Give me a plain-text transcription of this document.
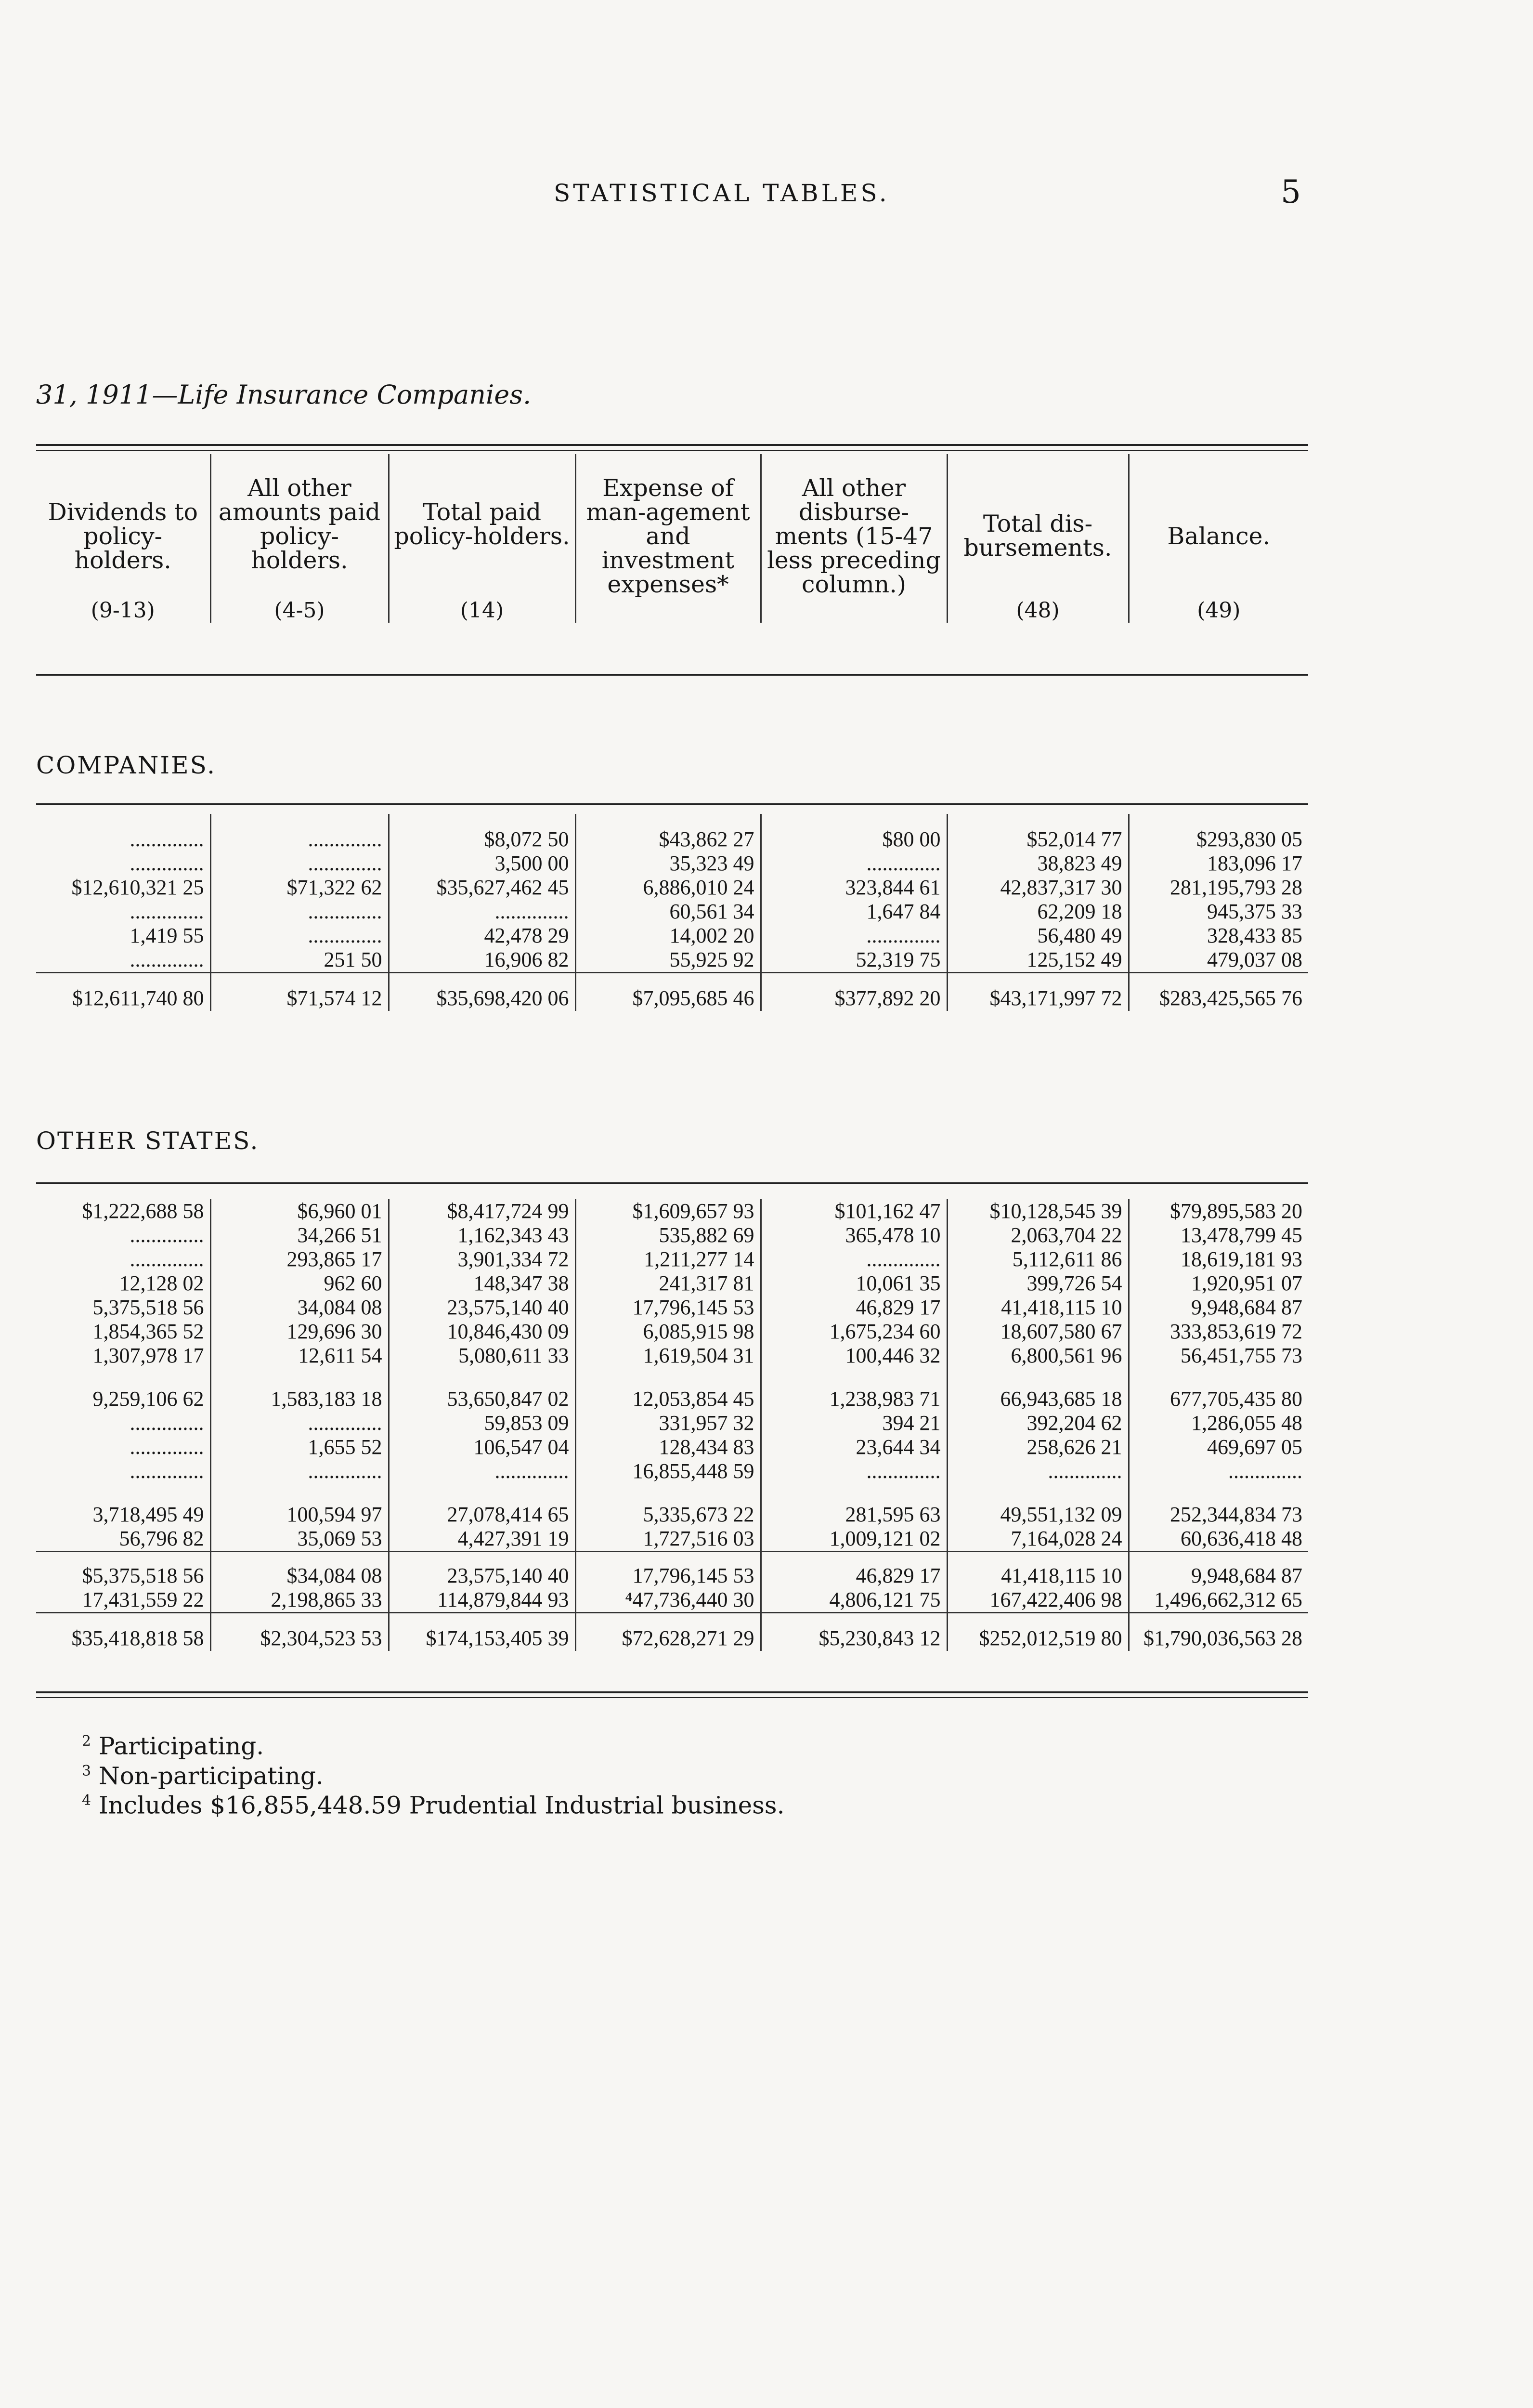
STATISTICAL TABLES.	5
31, 1911—Life Insurance Companies.
Dividends to policy-holders.
(9-13)

All other amounts paid policy-holders.
(4-5)

Total paid policy-holders.
(14)

Expense of man-agement and investment expenses*

All other disburse-ments (15-47 less preceding column.)

Total dis-bursements.
(48)

Balance.
(49)
COMPANIES.
..............	..............	$8,072 50	$43,862 27	$80 00	$52,014 77	$293,830 05
..............	..............	3,500 00	35,323 49	..............	38,823 49	183,096 17
$12,610,321 25	$71,322 62	$35,627,462 45	6,886,010 24	323,844 61	42,837,317 30	281,195,793 28
..............	..............	..............	60,561 34	1,647 84	62,209 18	945,375 33
1,419 55	..............	42,478 29	14,002 20	..............	56,480 49	328,433 85
..............	251 50	16,906 82	55,925 92	52,319 75	125,152 49	479,037 08
$12,611,740 80	$71,574 12	$35,698,420 06	$7,095,685 46	$377,892 20	$43,171,997 72	$283,425,565 76
OTHER STATES.
$1,222,688 58	$6,960 01	$8,417,724 99	$1,609,657 93	$101,162 47	$10,128,545 39	$79,895,583 20
..............	34,266 51	1,162,343 43	535,882 69	365,478 10	2,063,704 22	13,478,799 45
..............	293,865 17	3,901,334 72	1,211,277 14	..............	5,112,611 86	18,619,181 93
12,128 02	962 60	148,347 38	241,317 81	10,061 35	399,726 54	1,920,951 07
5,375,518 56	34,084 08	23,575,140 40	17,796,145 53	46,829 17	41,418,115 10	9,948,684 87
1,854,365 52	129,696 30	10,846,430 09	6,085,915 98	1,675,234 60	18,607,580 67	333,853,619 72
1,307,978 17	12,611 54	5,080,611 33	1,619,504 31	100,446 32	6,800,561 96	56,451,755 73
9,259,106 62	1,583,183 18	53,650,847 02	12,053,854 45	1,238,983 71	66,943,685 18	677,705,435 80
..............	..............	59,853 09	331,957 32	394 21	392,204 62	1,286,055 48
..............	1,655 52	106,547 04	128,434 83	23,644 34	258,626 21	469,697 05
..............	..............	..............	16,855,448 59	..............	..............	..............
3,718,495 49	100,594 97	27,078,414 65	5,335,673 22	281,595 63	49,551,132 09	252,344,834 73
56,796 82	35,069 53	4,427,391 19	1,727,516 03	1,009,121 02	7,164,028 24	60,636,418 48
$5,375,518 56	$34,084 08	23,575,140 40	17,796,145 53	46,829 17	41,418,115 10	9,948,684 87
17,431,559 22	2,198,865 33	114,879,844 93	⁴47,736,440 30	4,806,121 75	167,422,406 98	1,496,662,312 65
$35,418,818 58	$2,304,523 53	$174,153,405 39	$72,628,271 29	$5,230,843 12	$252,012,519 80	$1,790,036,563 28
$^2$ Participating.
$^3$ Non-participating.
$^4$ Includes $16,855,448.59 Prudential Industrial business.
